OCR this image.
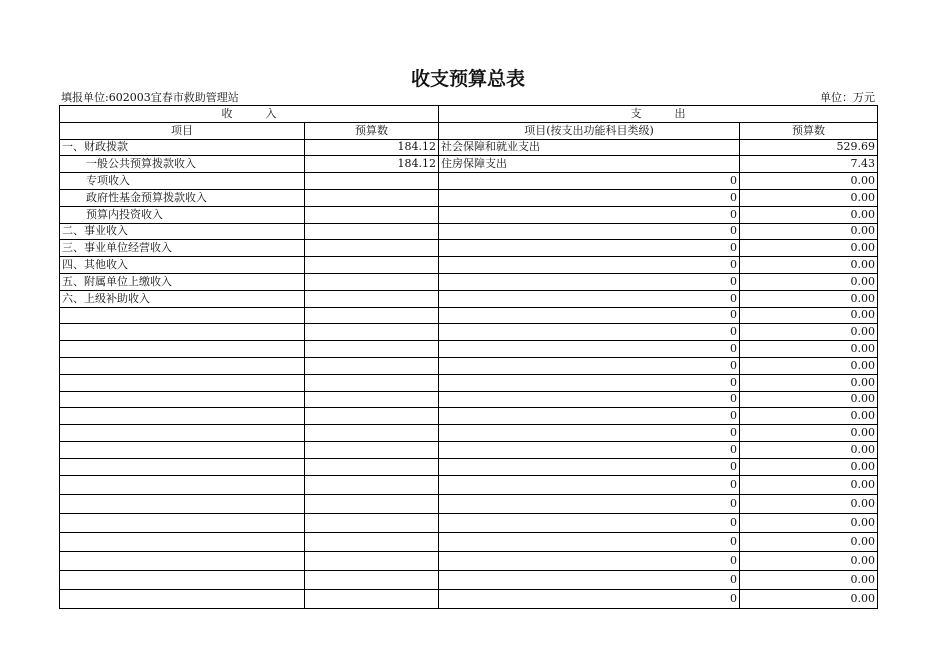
收支预算总表
填报单位:602003宜春市救助管理站	单位：万元
收　　　入		支　　　出	
项目	预算数	项目(按支出功能科目类级)	预算数
一、财政拨款	184.12	社会保障和就业支出	529.69
一般公共预算拨款收入	184.12	住房保障支出	7.43
专项收入		0	0.00
政府性基金预算拨款收入		0	0.00
预算内投资收入		0	0.00
二、事业收入		0	0.00
三、事业单位经营收入		0	0.00
四、其他收入		0	0.00
五、附属单位上缴收入		0	0.00
六、上级补助收入		0	0.00
		0	0.00
		0	0.00
		0	0.00
		0	0.00
		0	0.00
		0	0.00
		0	0.00
		0	0.00
		0	0.00
		0	0.00
		0	0.00
		0	0.00
		0	0.00
		0	0.00
		0	0.00
		0	0.00
		0	0.00
